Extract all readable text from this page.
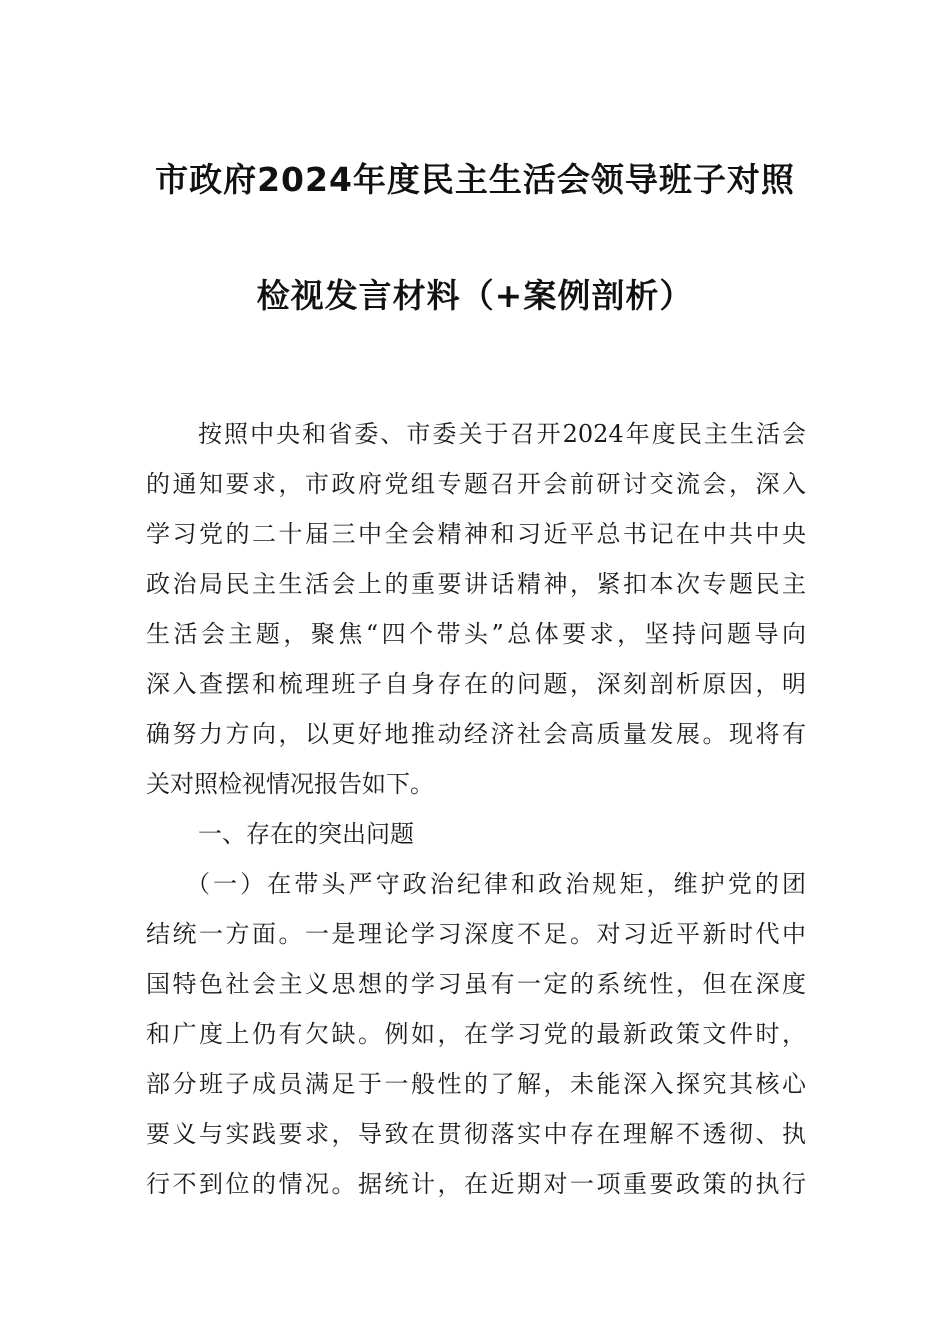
市政府2024年度民主生活会领导班子对照
检视发言材料（+案例剖析）
按照中央和省委、市委关于召开2024年度民主生活会
的通知要求，市政府党组专题召开会前研讨交流会，深入
学习党的二十届三中全会精神和习近平总书记在中共中央
政治局民主生活会上的重要讲话精神，紧扣本次专题民主
生活会主题，聚焦“四个带头”总体要求，坚持问题导向
深入查摆和梳理班子自身存在的问题，深刻剖析原因，明
确努力方向，以更好地推动经济社会高质量发展。现将有
关对照检视情况报告如下。
一、存在的突出问题
（一）在带头严守政治纪律和政治规矩，维护党的团
结统一方面。一是理论学习深度不足。对习近平新时代中
国特色社会主义思想的学习虽有一定的系统性，但在深度
和广度上仍有欠缺。例如，在学习党的最新政策文件时，
部分班子成员满足于一般性的了解，未能深入探究其核心
要义与实践要求，导致在贯彻落实中存在理解不透彻、执
行不到位的情况。据统计，在近期对一项重要政策的执行
